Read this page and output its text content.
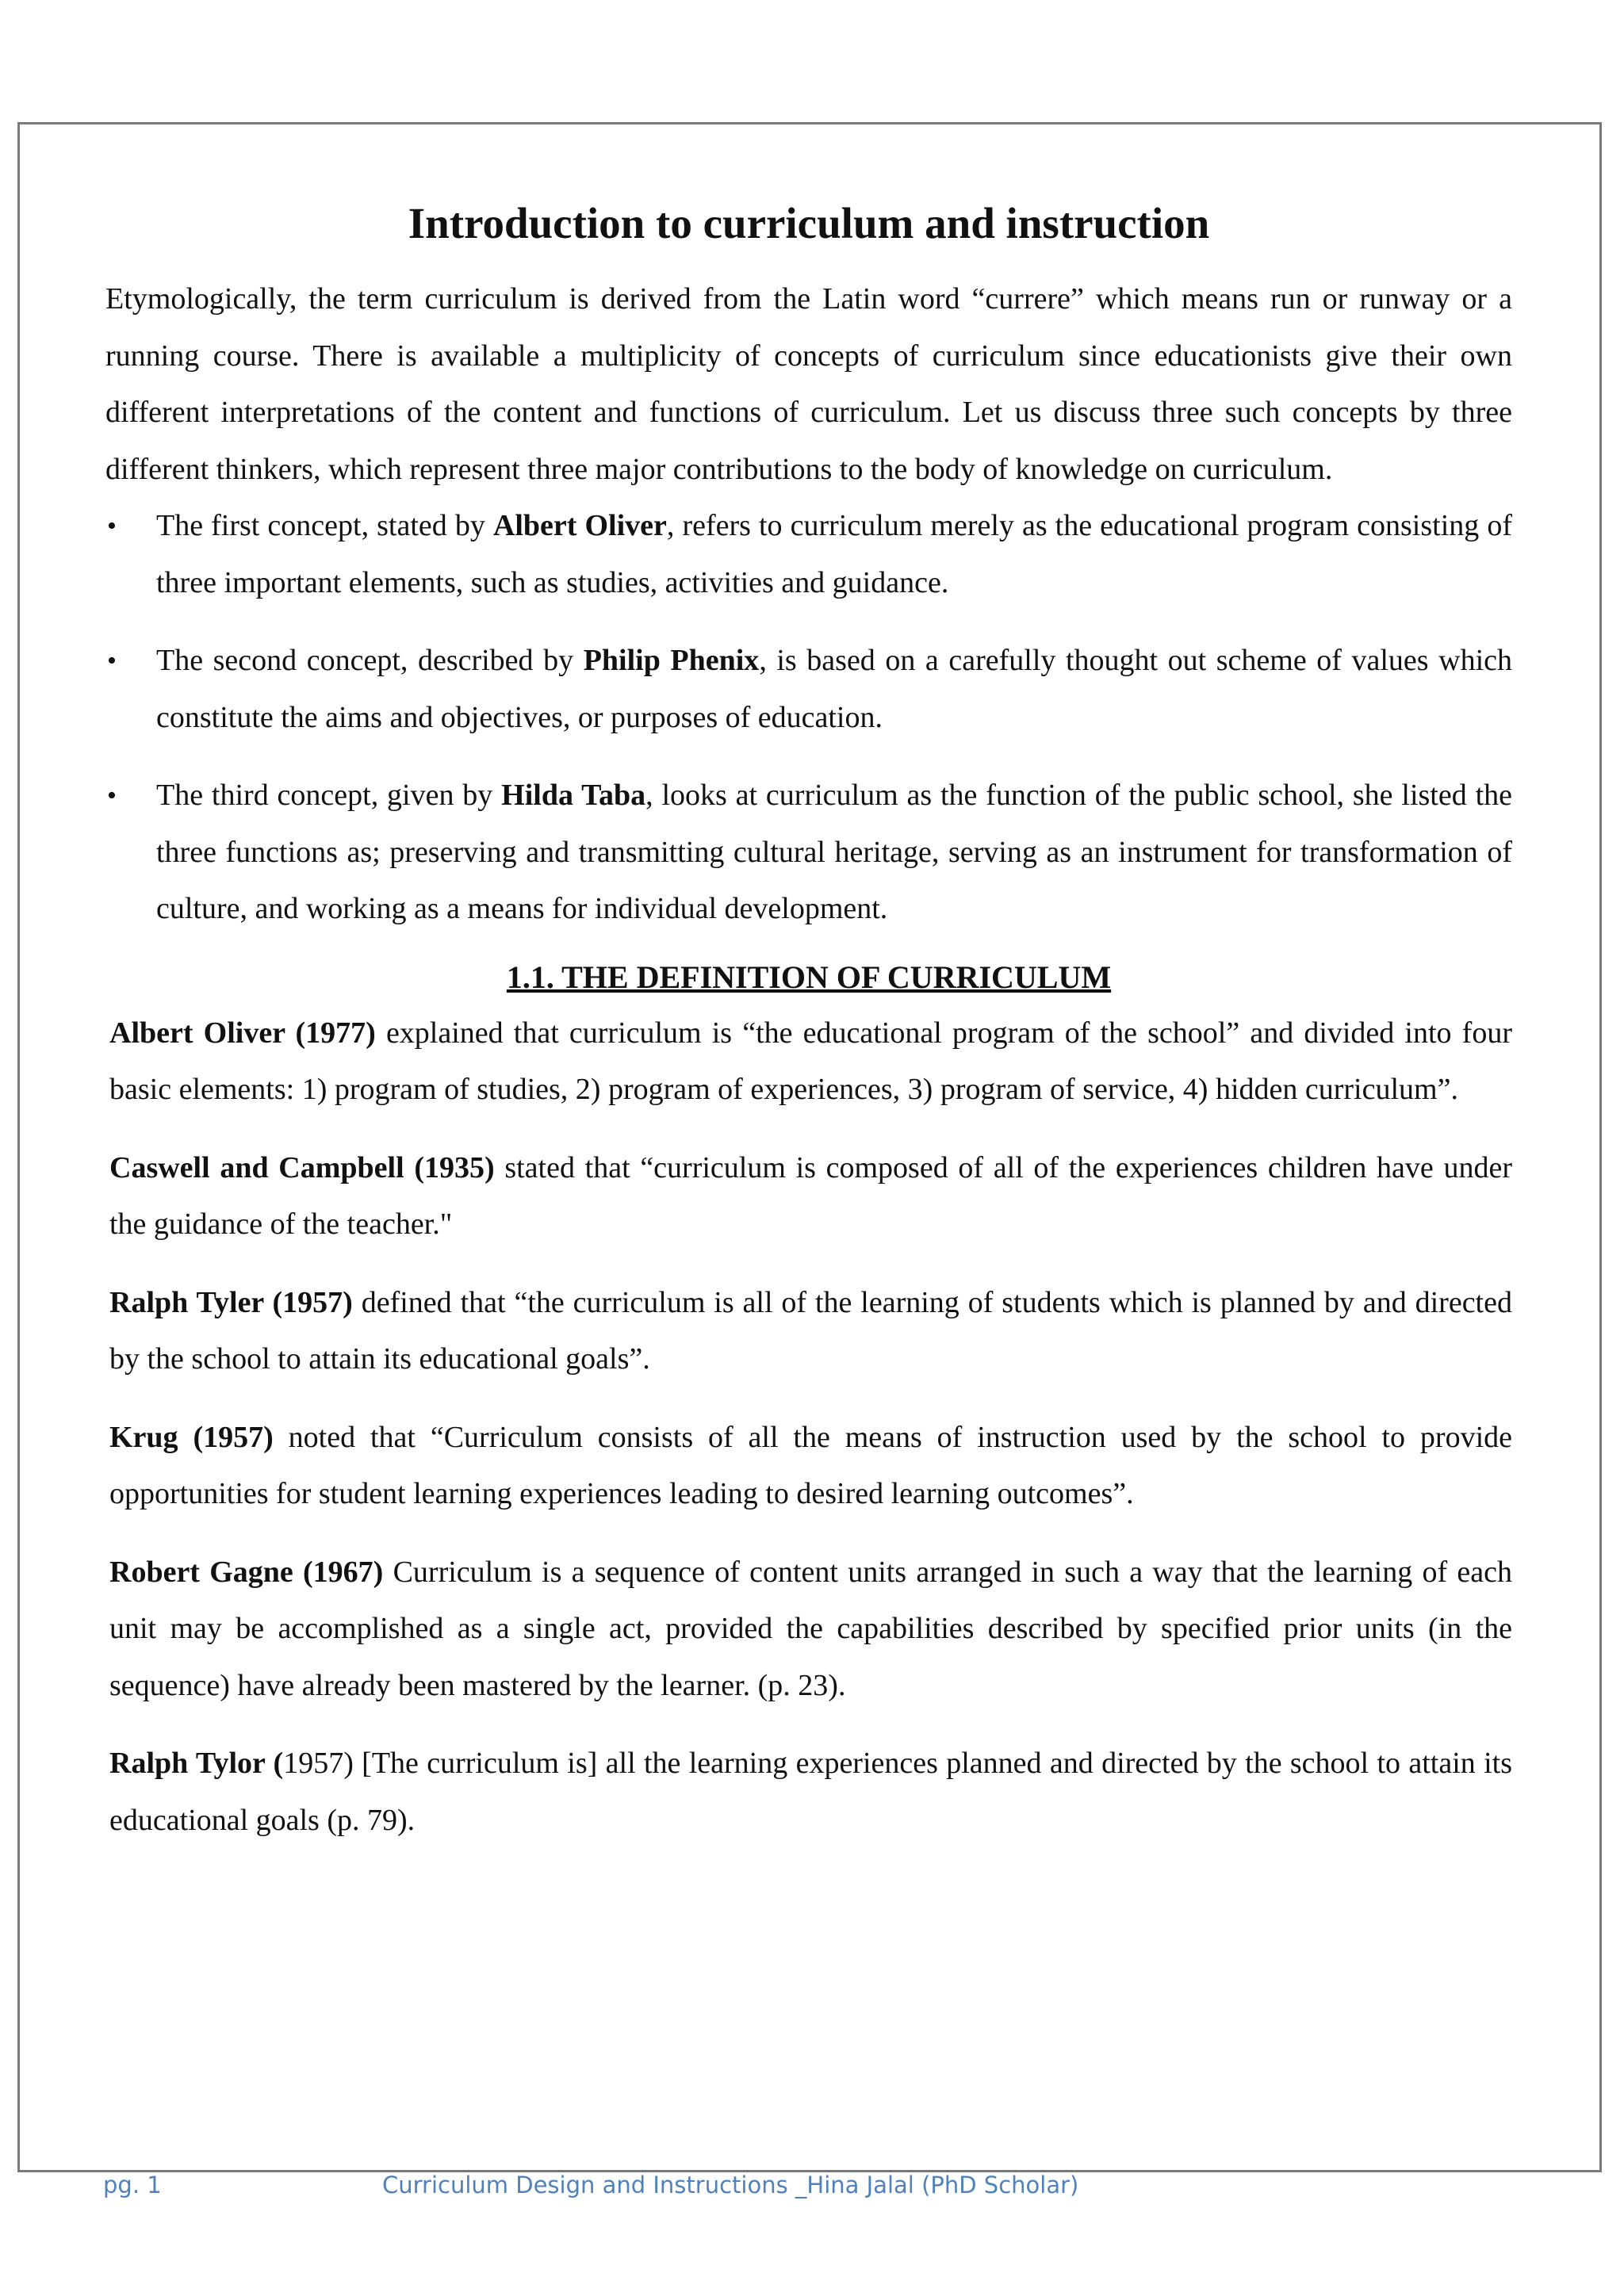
Introduction to curriculum and instruction

Etymologically, the term curriculum is derived from the Latin word “currere” which means run or runway or a running course. There is available a multiplicity of concepts of curriculum since educationists give their own different interpretations of the content and functions of curriculum. Let us discuss three such concepts by three different thinkers, which represent three major contributions to the body of knowledge on curriculum.

•	The first concept, stated by Albert Oliver, refers to curriculum merely as the educational program consisting of three important elements, such as studies, activities and guidance.
•	The second concept, described by Philip Phenix, is based on a carefully thought out scheme of values which constitute the aims and objectives, or purposes of education.
•	The third concept, given by Hilda Taba, looks at curriculum as the function of the public school, she listed the three functions as; preserving and transmitting cultural heritage, serving as an instrument for transformation of culture, and working as a means for individual development.
1.1. THE DEFINITION OF CURRICULUM

Albert Oliver (1977) explained that curriculum is “the educational program of the school” and divided into four basic elements: 1) program of studies, 2) program of experiences, 3) program of service, 4) hidden curriculum”.

Caswell and Campbell (1935) stated that “curriculum is composed of all of the experiences children have under the guidance of the teacher."

Ralph Tyler (1957) defined that “the curriculum is all of the learning of students which is planned by and directed by the school to attain its educational goals”.

Krug (1957) noted that “Curriculum consists of all the means of instruction used by the school to provide opportunities for student learning experiences leading to desired learning outcomes”.

Robert Gagne (1967) Curriculum is a sequence of content units arranged in such a way that the learning of each unit may be accomplished as a single act, provided the capabilities described by specified prior units (in the sequence) have already been mastered by the learner. (p. 23).

Ralph Tylor (1957) [The curriculum is] all the learning experiences planned and directed by the school to attain its educational goals (p. 79).

pg. 1	Curriculum Design and Instructions _Hina Jalal (PhD Scholar)
